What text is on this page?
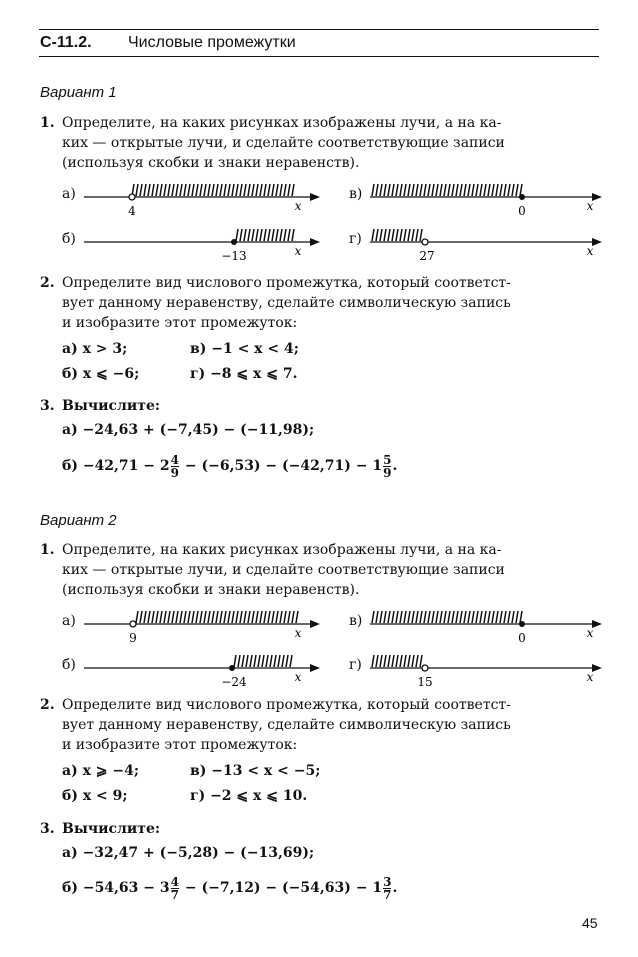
С-11.2. Числовые промежутки
Вариант 1
1. Определите, на каких рисунках изображены лучи, а на ка-
ких — открытые лучи, и сделайте соответствующие записи
(используя скобки и знаки неравенств).
а)
4	x
в)
0	x
б)
−13	x
г)
27	x
2. Определите вид числового промежутка, который соответст-
вует данному неравенству, сделайте символическую запись
и изобразите этот промежуток:
а) x > 3;	в) −1 < x < 4;
б) x ⩽ −6;	г) −8 ⩽ x ⩽ 7.
3. Вычислите:
а) −24,63 + (−7,45) − (−11,98);
б) −42,71 −
$2 \frac{4}{9}$
− (−6,53) − (−42,71) −
$1 \frac{5}{9}$ .
Вариант 2
1. Определите, на каких рисунках изображены лучи, а на ка-
ких — открытые лучи, и сделайте соответствующие записи
(используя скобки и знаки неравенств).
а)
9	x
в)
0	x
б)
−24	x
г)
15	x
2. Определите вид числового промежутка, который соответст-
вует данному неравенству, сделайте символическую запись
и изобразите этот промежуток:
а) x ⩾ −4;	в) −13 < x < −5;
б) x < 9;	г) −2 ⩽ x ⩽ 10.
3. Вычислите:
а) −32,47 + (−5,28) − (−13,69);
б) −54,63 −
$3 \frac{4}{7}$
− (−7,12) − (−54,63) −
$1 \frac{3}{7}$ .
45
